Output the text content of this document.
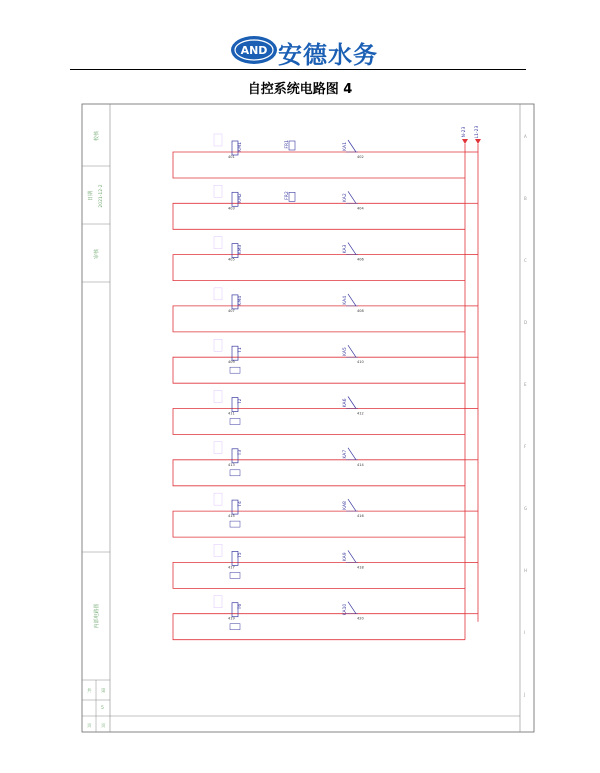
AND 安德水务
自控系统电路图 4
校核
日期 2021-12-2
审核
内部电路图
第
5
页
共
页
A
B
C
D
E
F
G
H
I
J
L1-23
N-23
KM1	KA1
401	402
FR1
KM2	KA2
403	404
FR2
KM3	KA3
405	406
KM4	KA4
407	408
T1	KA5
409	410
T2	KA6
411	412
T3	KA7
413	414
T4	KA8
415	416
T5	KA9
417	418
T6	KA10
419	420
